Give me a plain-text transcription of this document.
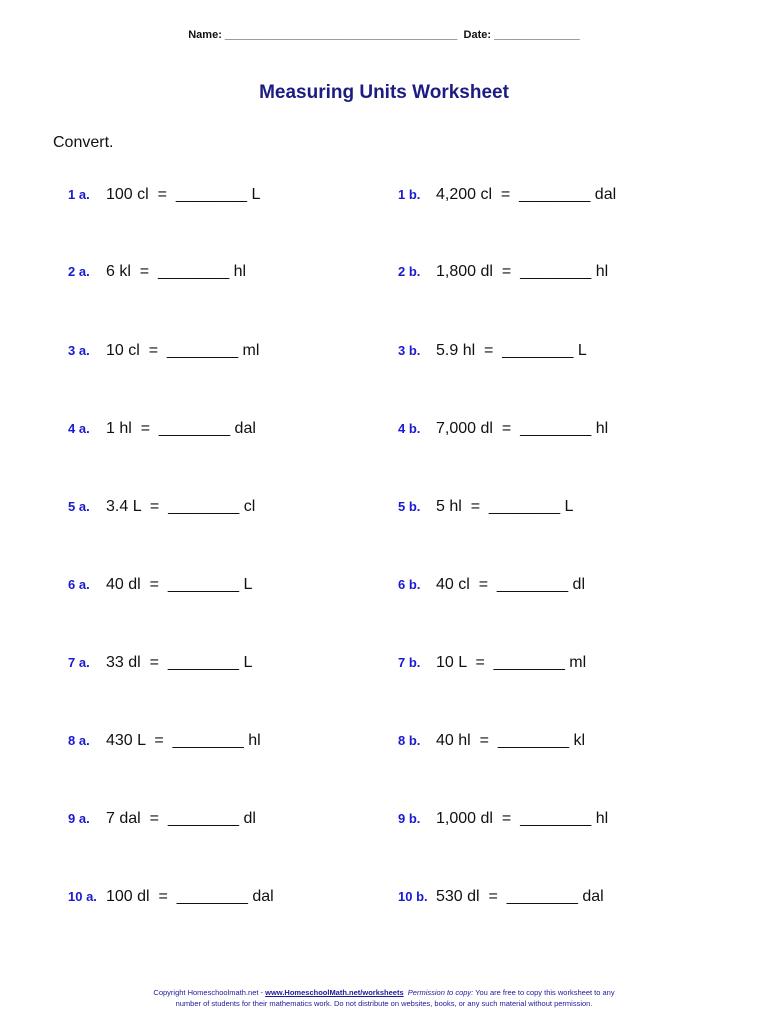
Name: ______________________________________  Date: ______________
Measuring Units Worksheet
Convert.
1 a. 100 cl  =  ________ L	1 b. 4,200 cl  =  ________ dal
2 a. 6 kl  =  ________ hl	2 b. 1,800 dl  =  ________ hl
3 a. 10 cl  =  ________ ml	3 b. 5.9 hl  =  ________ L
4 a. 1 hl  =  ________ dal	4 b. 7,000 dl  =  ________ hl
5 a. 3.4 L  =  ________ cl	5 b. 5 hl  =  ________ L
6 a. 40 dl  =  ________ L	6 b. 40 cl  =  ________ dl
7 a. 33 dl  =  ________ L	7 b. 10 L  =  ________ ml
8 a. 430 L  =  ________ hl	8 b. 40 hl  =  ________ kl
9 a. 7 dal  =  ________ dl	9 b. 1,000 dl  =  ________ hl
10 a. 100 dl  =  ________ dal	10 b. 530 dl  =  ________ dal
Copyright Homeschoolmath.net - www.HomeschoolMath.net/worksheets Permission to copy: You are free to copy this worksheet to any
number of students for their mathematics work. Do not distribute on websites, books, or any such material without permission.
